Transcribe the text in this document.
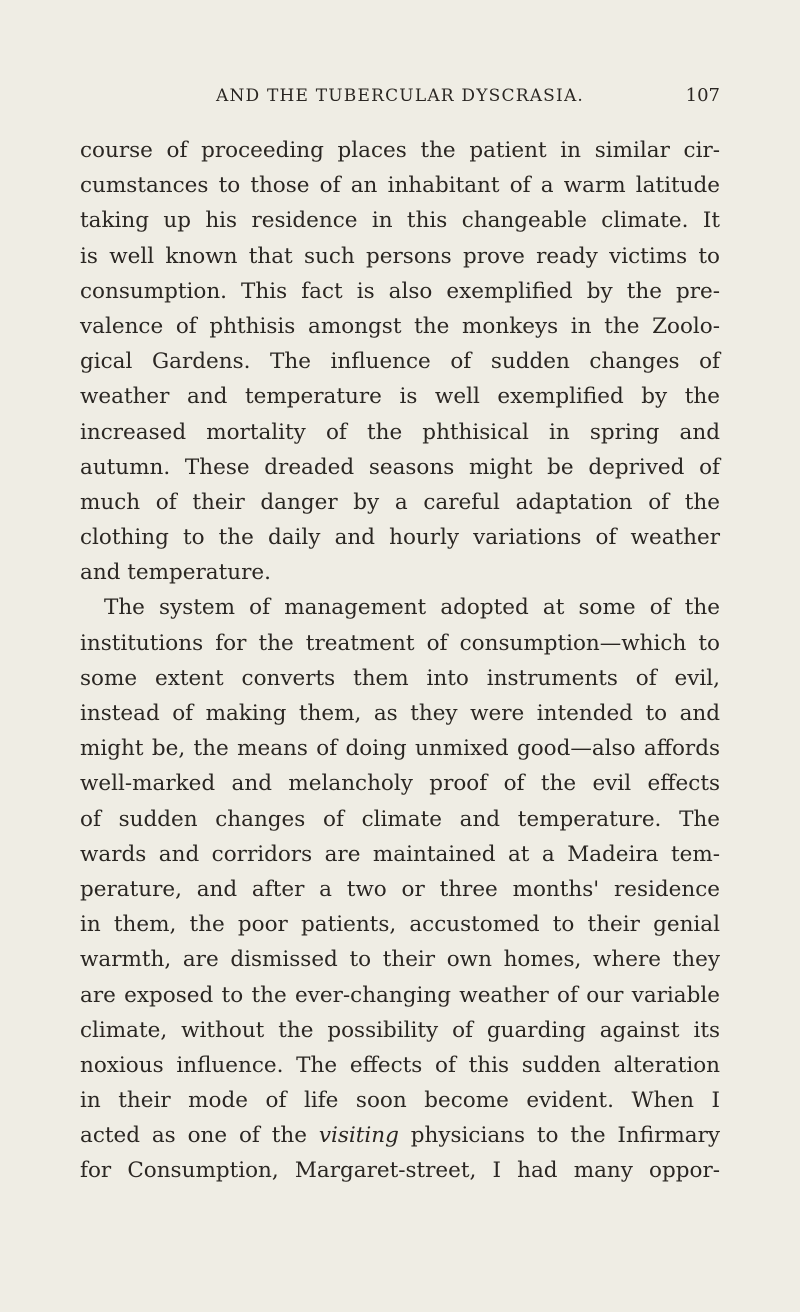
AND THE TUBERCULAR DYSCRASIA.	107
course of proceeding places the patient in similar cir-
cumstances to those of an inhabitant of a warm latitude
taking up his residence in this changeable climate. It
is well known that such persons prove ready victims to
consumption. This fact is also exemplified by the pre-
valence of phthisis amongst the monkeys in the Zoolo-
gical Gardens. The influence of sudden changes of
weather and temperature is well exemplified by the
increased mortality of the phthisical in spring and
autumn. These dreaded seasons might be deprived of
much of their danger by a careful adaptation of the
clothing to the daily and hourly variations of weather
and temperature.
The system of management adopted at some of the
institutions for the treatment of consumption—which to
some extent converts them into instruments of evil,
instead of making them, as they were intended to and
might be, the means of doing unmixed good—also affords
well-marked and melancholy proof of the evil effects
of sudden changes of climate and temperature. The
wards and corridors are maintained at a Madeira tem-
perature, and after a two or three months' residence
in them, the poor patients, accustomed to their genial
warmth, are dismissed to their own homes, where they
are exposed to the ever-changing weather of our variable
climate, without the possibility of guarding against its
noxious influence. The effects of this sudden alteration
in their mode of life soon become evident. When I
acted as one of the visiting physicians to the Infirmary
for Consumption, Margaret-street, I had many oppor-
